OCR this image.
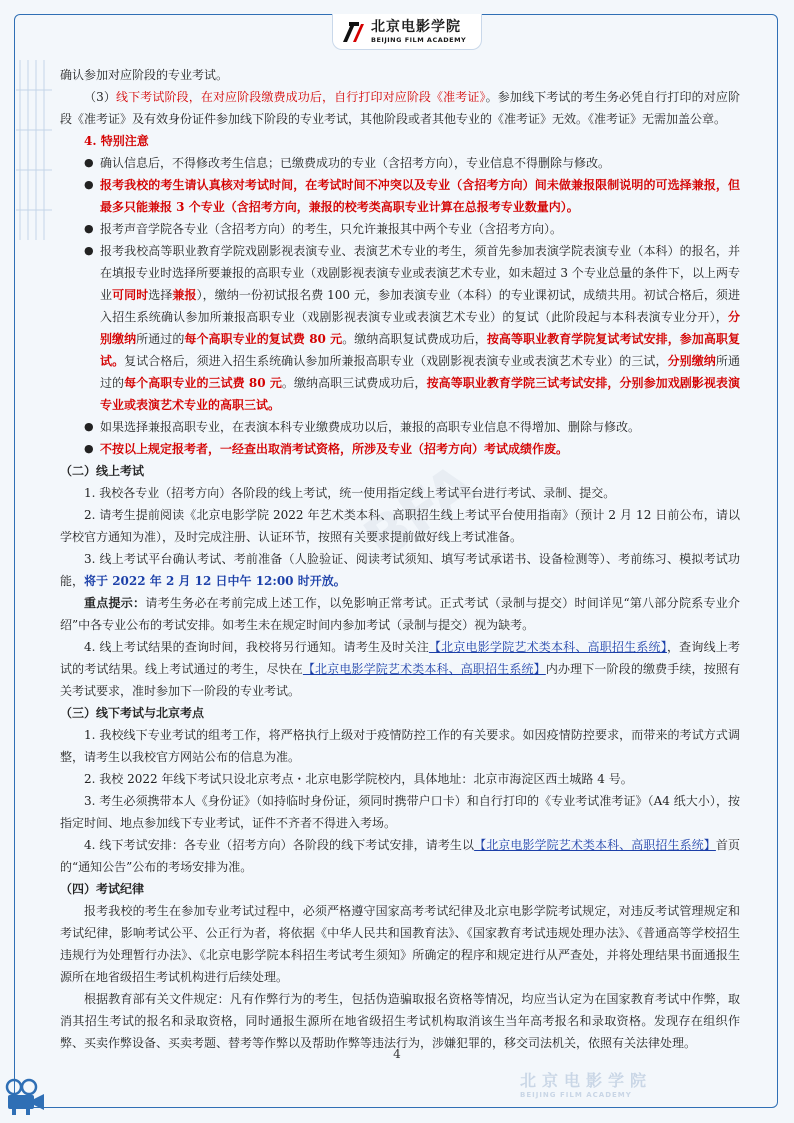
北京电影学院
BEIJING FILM ACADEMY
BFA

确认参加对应阶段的专业考试。

（3）线下考试阶段，在对应阶段缴费成功后，自行打印对应阶段《准考证》。参加线下考试的考生务必凭自行打印的对应阶段《准考证》及有效身份证件参加线下阶段的专业考试，其他阶段或者其他专业的《准考证》无效。《准考证》无需加盖公章。

4. 特别注意

● 确认信息后，不得修改考生信息；已缴费成功的专业（含招考方向），专业信息不得删除与修改。

● 报考我校的考生请认真核对考试时间，在考试时间不冲突以及专业（含招考方向）间未做兼报限制说明的可选择兼报，但最多只能兼报 3 个专业（含招考方向，兼报的校考类高职专业计算在总报考专业数量内）。

● 报考声音学院各专业（含招考方向）的考生，只允许兼报其中两个专业（含招考方向）。

● 报考我校高等职业教育学院戏剧影视表演专业、表演艺术专业的考生，须首先参加表演学院表演专业（本科）的报名，并在填报专业时选择所要兼报的高职专业（戏剧影视表演专业或表演艺术专业，如未超过 3 个专业总量的条件下，以上两专业可同时选择兼报），缴纳一份初试报名费 100 元，参加表演专业（本科）的专业课初试，成绩共用。初试合格后，须进入招生系统确认参加所兼报高职专业（戏剧影视表演专业或表演艺术专业）的复试（此阶段起与本科表演专业分开），分别缴纳所通过的每个高职专业的复试费 80 元。缴纳高职复试费成功后，按高等职业教育学院复试考试安排，参加高职复试。复试合格后，须进入招生系统确认参加所兼报高职专业（戏剧影视表演专业或表演艺术专业）的三试，分别缴纳所通过的每个高职专业的三试费 80 元。缴纳高职三试费成功后，按高等职业教育学院三试考试安排，分别参加戏剧影视表演专业或表演艺术专业的高职三试。

● 如果选择兼报高职专业，在表演本科专业缴费成功以后，兼报的高职专业信息不得增加、删除与修改。

● 不按以上规定报考者，一经查出取消考试资格，所涉及专业（招考方向）考试成绩作废。

（二）线上考试

1. 我校各专业（招考方向）各阶段的线上考试，统一使用指定线上考试平台进行考试、录制、提交。

2. 请考生提前阅读《北京电影学院 2022 年艺术类本科、高职招生线上考试平台使用指南》（预计 2 月 12 日前公布，请以学校官方通知为准），及时完成注册、认证环节，按照有关要求提前做好线上考试准备。

3. 线上考试平台确认考试、考前准备（人脸验证、阅读考试须知、填写考试承诺书、设备检测等）、考前练习、模拟考试功能，将于 2022 年 2 月 12 日中午 12:00 时开放。

重点提示：请考生务必在考前完成上述工作，以免影响正常考试。正式考试（录制与提交）时间详见“第八部分院系专业介绍”中各专业公布的考试安排。如考生未在规定时间内参加考试（录制与提交）视为缺考。

4. 线上考试结果的查询时间，我校将另行通知。请考生及时关注【北京电影学院艺术类本科、高职招生系统】，查询线上考试的考试结果。线上考试通过的考生，尽快在【北京电影学院艺术类本科、高职招生系统】内办理下一阶段的缴费手续，按照有关考试要求，准时参加下一阶段的专业考试。

（三）线下考试与北京考点

1. 我校线下专业考试的组考工作，将严格执行上级对于疫情防控工作的有关要求。如因疫情防控要求，而带来的考试方式调整，请考生以我校官方网站公布的信息为准。

2. 我校 2022 年线下考试只设北京考点・北京电影学院校内，具体地址：北京市海淀区西土城路 4 号。

3. 考生必须携带本人《身份证》（如持临时身份证，须同时携带户口卡）和自行打印的《专业考试准考证》（A4 纸大小），按指定时间、地点参加线下专业考试，证件不齐者不得进入考场。

4. 线下考试安排：各专业（招考方向）各阶段的线下考试安排，请考生以【北京电影学院艺术类本科、高职招生系统】首页的“通知公告”公布的考场安排为准。

（四）考试纪律

报考我校的考生在参加专业考试过程中，必须严格遵守国家高考考试纪律及北京电影学院考试规定，对违反考试管理规定和考试纪律，影响考试公平、公正行为者，将依据《中华人民共和国教育法》、《国家教育考试违规处理办法》、《普通高等学校招生违规行为处理暂行办法》、《北京电影学院本科招生考试考生须知》所确定的程序和规定进行从严查处，并将处理结果书面通报生源所在地省级招生考试机构进行后续处理。

根据教育部有关文件规定：凡有作弊行为的考生，包括伪造骗取报名资格等情况，均应当认定为在国家教育考试中作弊，取消其招生考试的报名和录取资格，同时通报生源所在地省级招生考试机构取消该生当年高考报名和录取资格。发现存在组织作弊、买卖作弊设备、买卖考题、替考等作弊以及帮助作弊等违法行为，涉嫌犯罪的，移交司法机关，依照有关法律处理。

4
北京电影学院
BEIJING FILM ACADEMY
